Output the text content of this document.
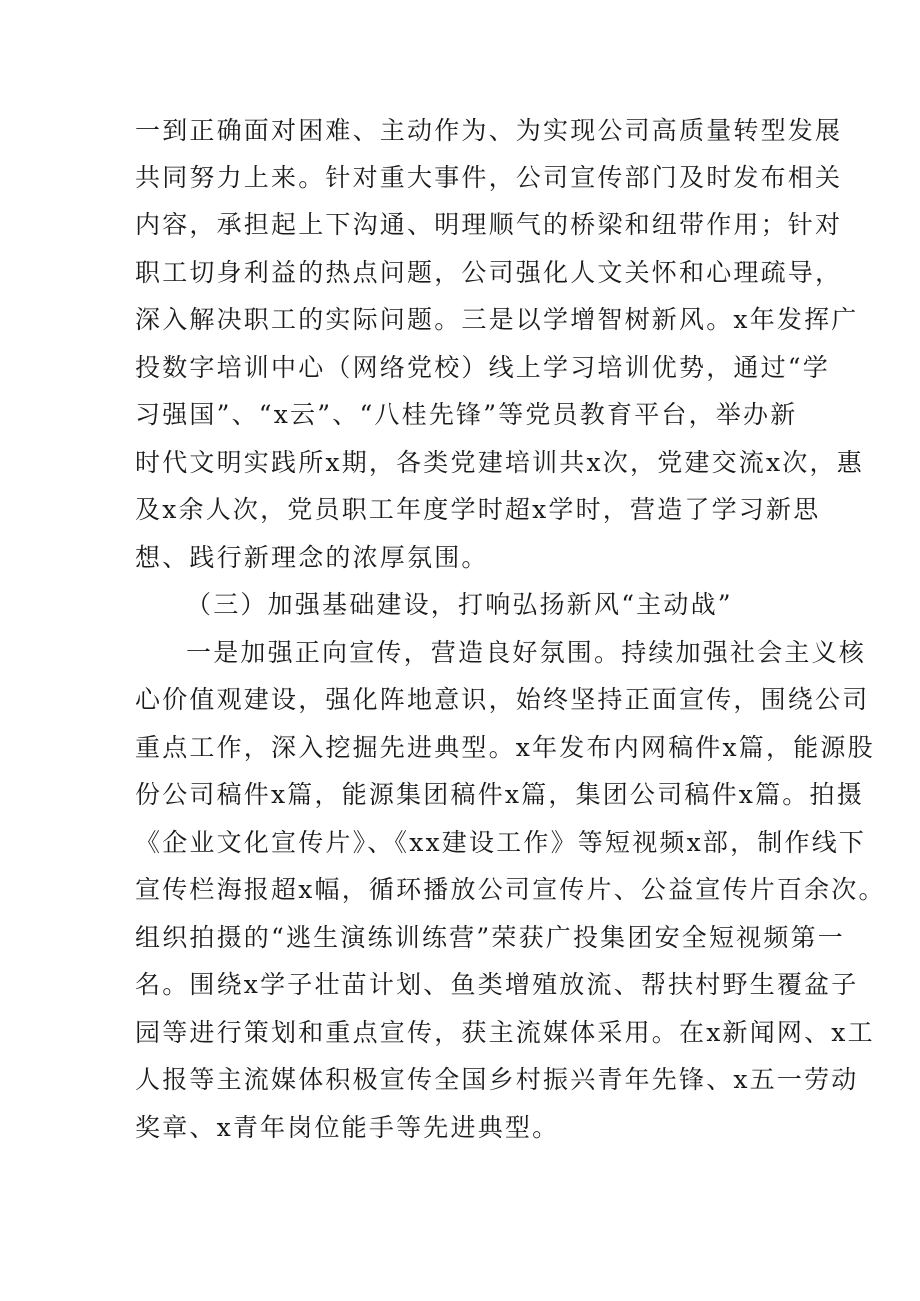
一到正确面对困难、主动作为、为实现公司高质量转型发展
共同努力上来。针对重大事件，公司宣传部门及时发布相关
内容，承担起上下沟通、明理顺气的桥梁和纽带作用；针对
职工切身利益的热点问题，公司强化人文关怀和心理疏导，
深入解决职工的实际问题。三是以学增智树新风。x年发挥广
投数字培训中心（网络党校）线上学习培训优势，通过“学
习强国”、“x云”、“八桂先锋”等党员教育平台，举办新
时代文明实践所x期，各类党建培训共x次，党建交流x次，惠
及x余人次，党员职工年度学时超x学时，营造了学习新思
想、践行新理念的浓厚氛围。
（三）加强基础建设，打响弘扬新风“主动战”
一是加强正向宣传，营造良好氛围。持续加强社会主义核
心价值观建设，强化阵地意识，始终坚持正面宣传，围绕公司
重点工作，深入挖掘先进典型。x年发布内网稿件x篇，能源股
份公司稿件x篇，能源集团稿件x篇，集团公司稿件x篇。拍摄
《企业文化宣传片》、《xx建设工作》等短视频x部，制作线下
宣传栏海报超x幅，循环播放公司宣传片、公益宣传片百余次。
组织拍摄的“逃生演练训练营”荣获广投集团安全短视频第一
名。围绕x学子壮苗计划、鱼类增殖放流、帮扶村野生覆盆子
园等进行策划和重点宣传，获主流媒体采用。在x新闻网、x工
人报等主流媒体积极宣传全国乡村振兴青年先锋、x五一劳动
奖章、x青年岗位能手等先进典型。
